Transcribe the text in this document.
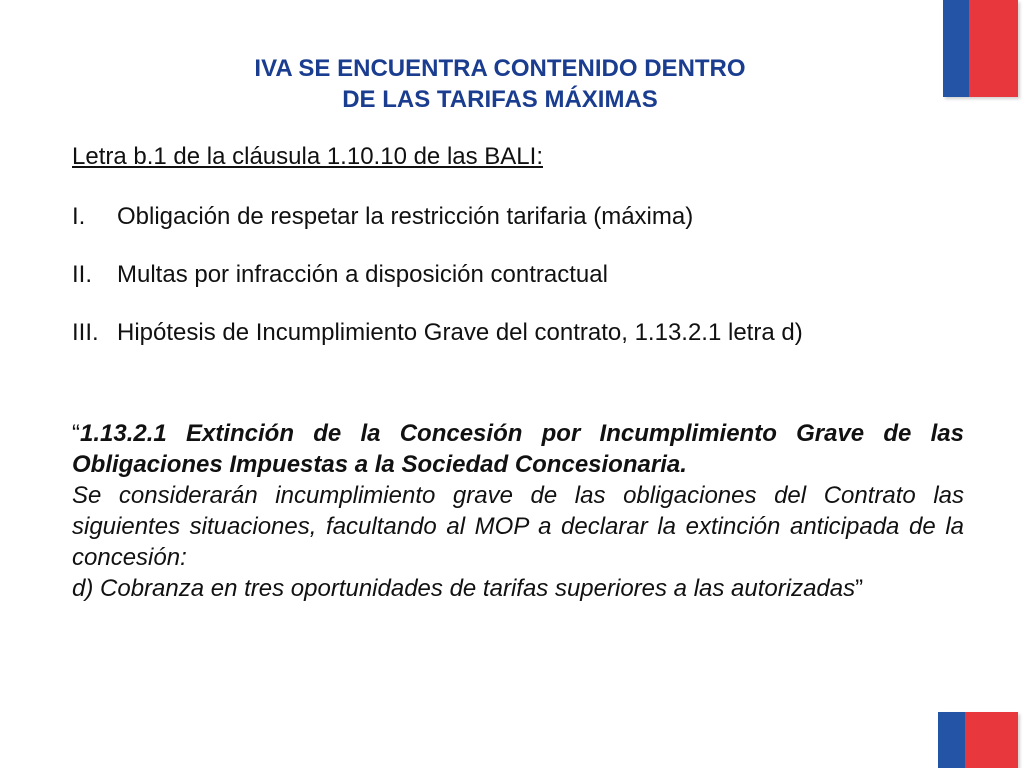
IVA SE ENCUENTRA CONTENIDO DENTRO
DE LAS TARIFAS MÁXIMAS
Letra b.1 de la cláusula 1.10.10 de las BALI:
I.	Obligación de respetar la restricción tarifaria (máxima)
II.	Multas por infracción a disposición contractual
III. Hipótesis de Incumplimiento Grave del contrato, 1.13.2.1 letra d)

“1.13.2.1 Extinción de la Concesión por Incumplimiento Grave de las Obligaciones Impuestas a la Sociedad Concesionaria.

Se considerarán incumplimiento grave de las obligaciones del Contrato las siguientes situaciones, facultando al MOP a declarar la extinción anticipada de la concesión:

d) Cobranza en tres oportunidades de tarifas superiores a las autorizadas”
